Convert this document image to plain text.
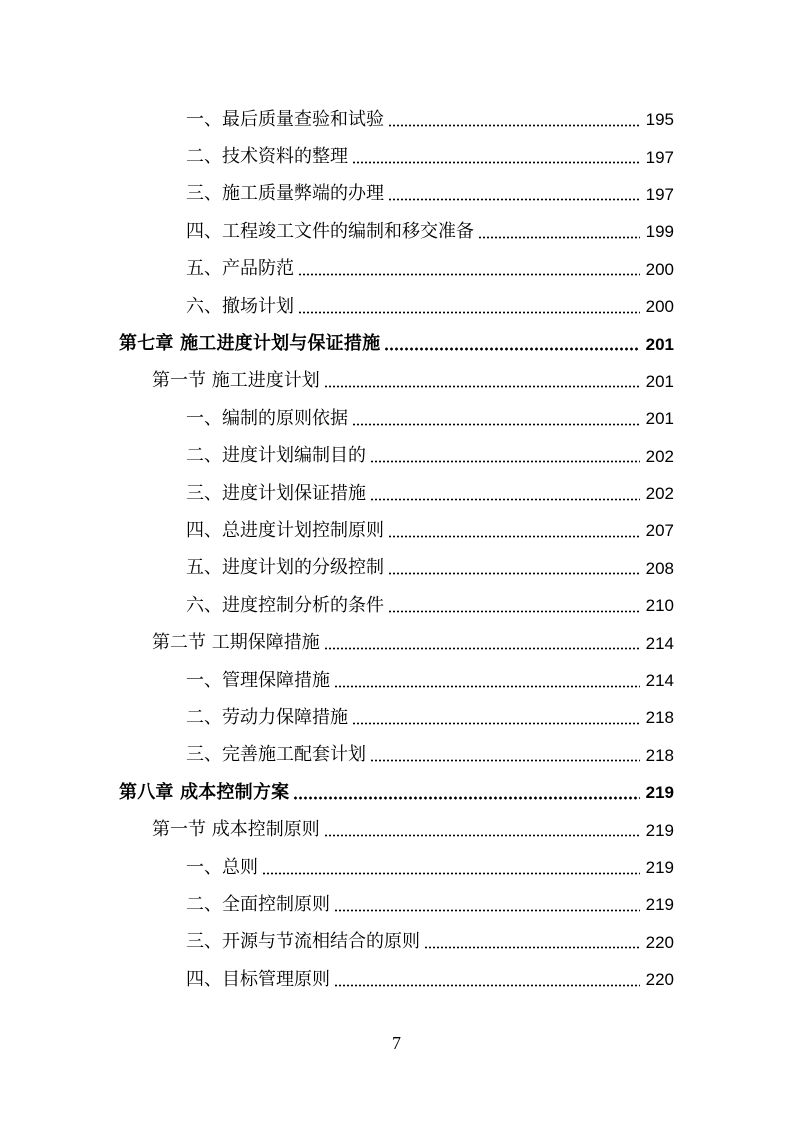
一、最后质量查验和试验	195
二、技术资料的整理	197
三、施工质量弊端的办理	197
四、工程竣工文件的编制和移交准备	199
五、产品防范	200
六、撤场计划	200
第七章 施工进度计划与保证措施	201
第一节 施工进度计划	201
一、编制的原则依据	201
二、进度计划编制目的	202
三、进度计划保证措施	202
四、总进度计划控制原则	207
五、进度计划的分级控制	208
六、进度控制分析的条件	210
第二节 工期保障措施	214
一、管理保障措施	214
二、劳动力保障措施	218
三、完善施工配套计划	218
第八章 成本控制方案	219
第一节 成本控制原则	219
一、总则	219
二、全面控制原则	219
三、开源与节流相结合的原则	220
四、目标管理原则	220
7
